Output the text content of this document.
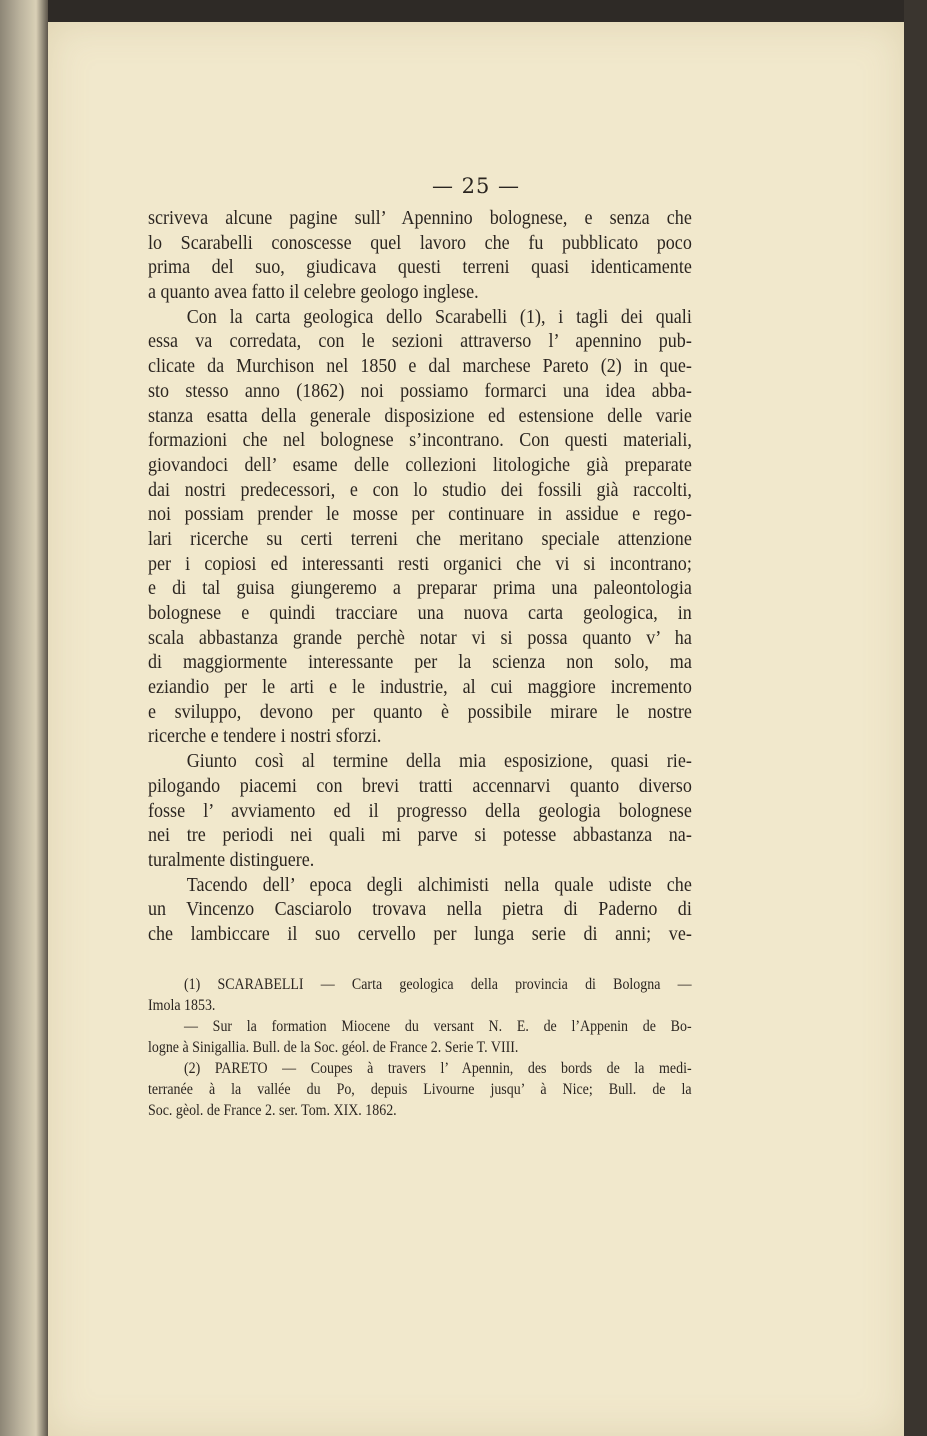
— 25 —
scriveva alcune pagine sull’ Apennino bolognese, e senza che
lo Scarabelli conoscesse quel lavoro che fu pubblicato poco
prima del suo, giudicava questi terreni quasi identicamente
a quanto avea fatto il celebre geologo inglese.
Con la carta geologica dello Scarabelli (1), i tagli dei quali
essa va corredata, con le sezioni attraverso l’ apennino pub-
clicate da Murchison nel 1850 e dal marchese Pareto (2) in que-
sto stesso anno (1862) noi possiamo formarci una idea abba-
stanza esatta della generale disposizione ed estensione delle varie
formazioni che nel bolognese s’incontrano. Con questi materiali,
giovandoci dell’ esame delle collezioni litologiche già preparate
dai nostri predecessori, e con lo studio dei fossili già raccolti,
noi possiam prender le mosse per continuare in assidue e rego-
lari ricerche su certi terreni che meritano speciale attenzione
per i copiosi ed interessanti resti organici che vi si incontrano;
e di tal guisa giungeremo a preparar prima una paleontologia
bolognese e quindi tracciare una nuova carta geologica, in
scala abbastanza grande perchè notar vi si possa quanto v’ ha
di maggiormente interessante per la scienza non solo, ma
eziandio per le arti e le industrie, al cui maggiore incremento
e sviluppo, devono per quanto è possibile mirare le nostre
ricerche e tendere i nostri sforzi.
Giunto così al termine della mia esposizione, quasi rie-
pilogando piacemi con brevi tratti accennarvi quanto diverso
fosse l’ avviamento ed il progresso della geologia bolognese
nei tre periodi nei quali mi parve si potesse abbastanza na-
turalmente distinguere.
Tacendo dell’ epoca degli alchimisti nella quale udiste che
un Vincenzo Casciarolo trovava nella pietra di Paderno di
che lambiccare il suo cervello per lunga serie di anni; ve-
(1) SCARABELLI — Carta geologica della provincia di Bologna —
Imola 1853.
— Sur la formation Miocene du versant N. E. de l’Appenin de Bo-
logne à Sinigallia. Bull. de la Soc. géol. de France 2. Serie T. VIII.
(2) PARETO — Coupes à travers l’ Apennin, des bords de la medi-
terranée à la vallée du Po, depuis Livourne jusqu’ à Nice; Bull. de la
Soc. gèol. de France 2. ser. Tom. XIX. 1862.
